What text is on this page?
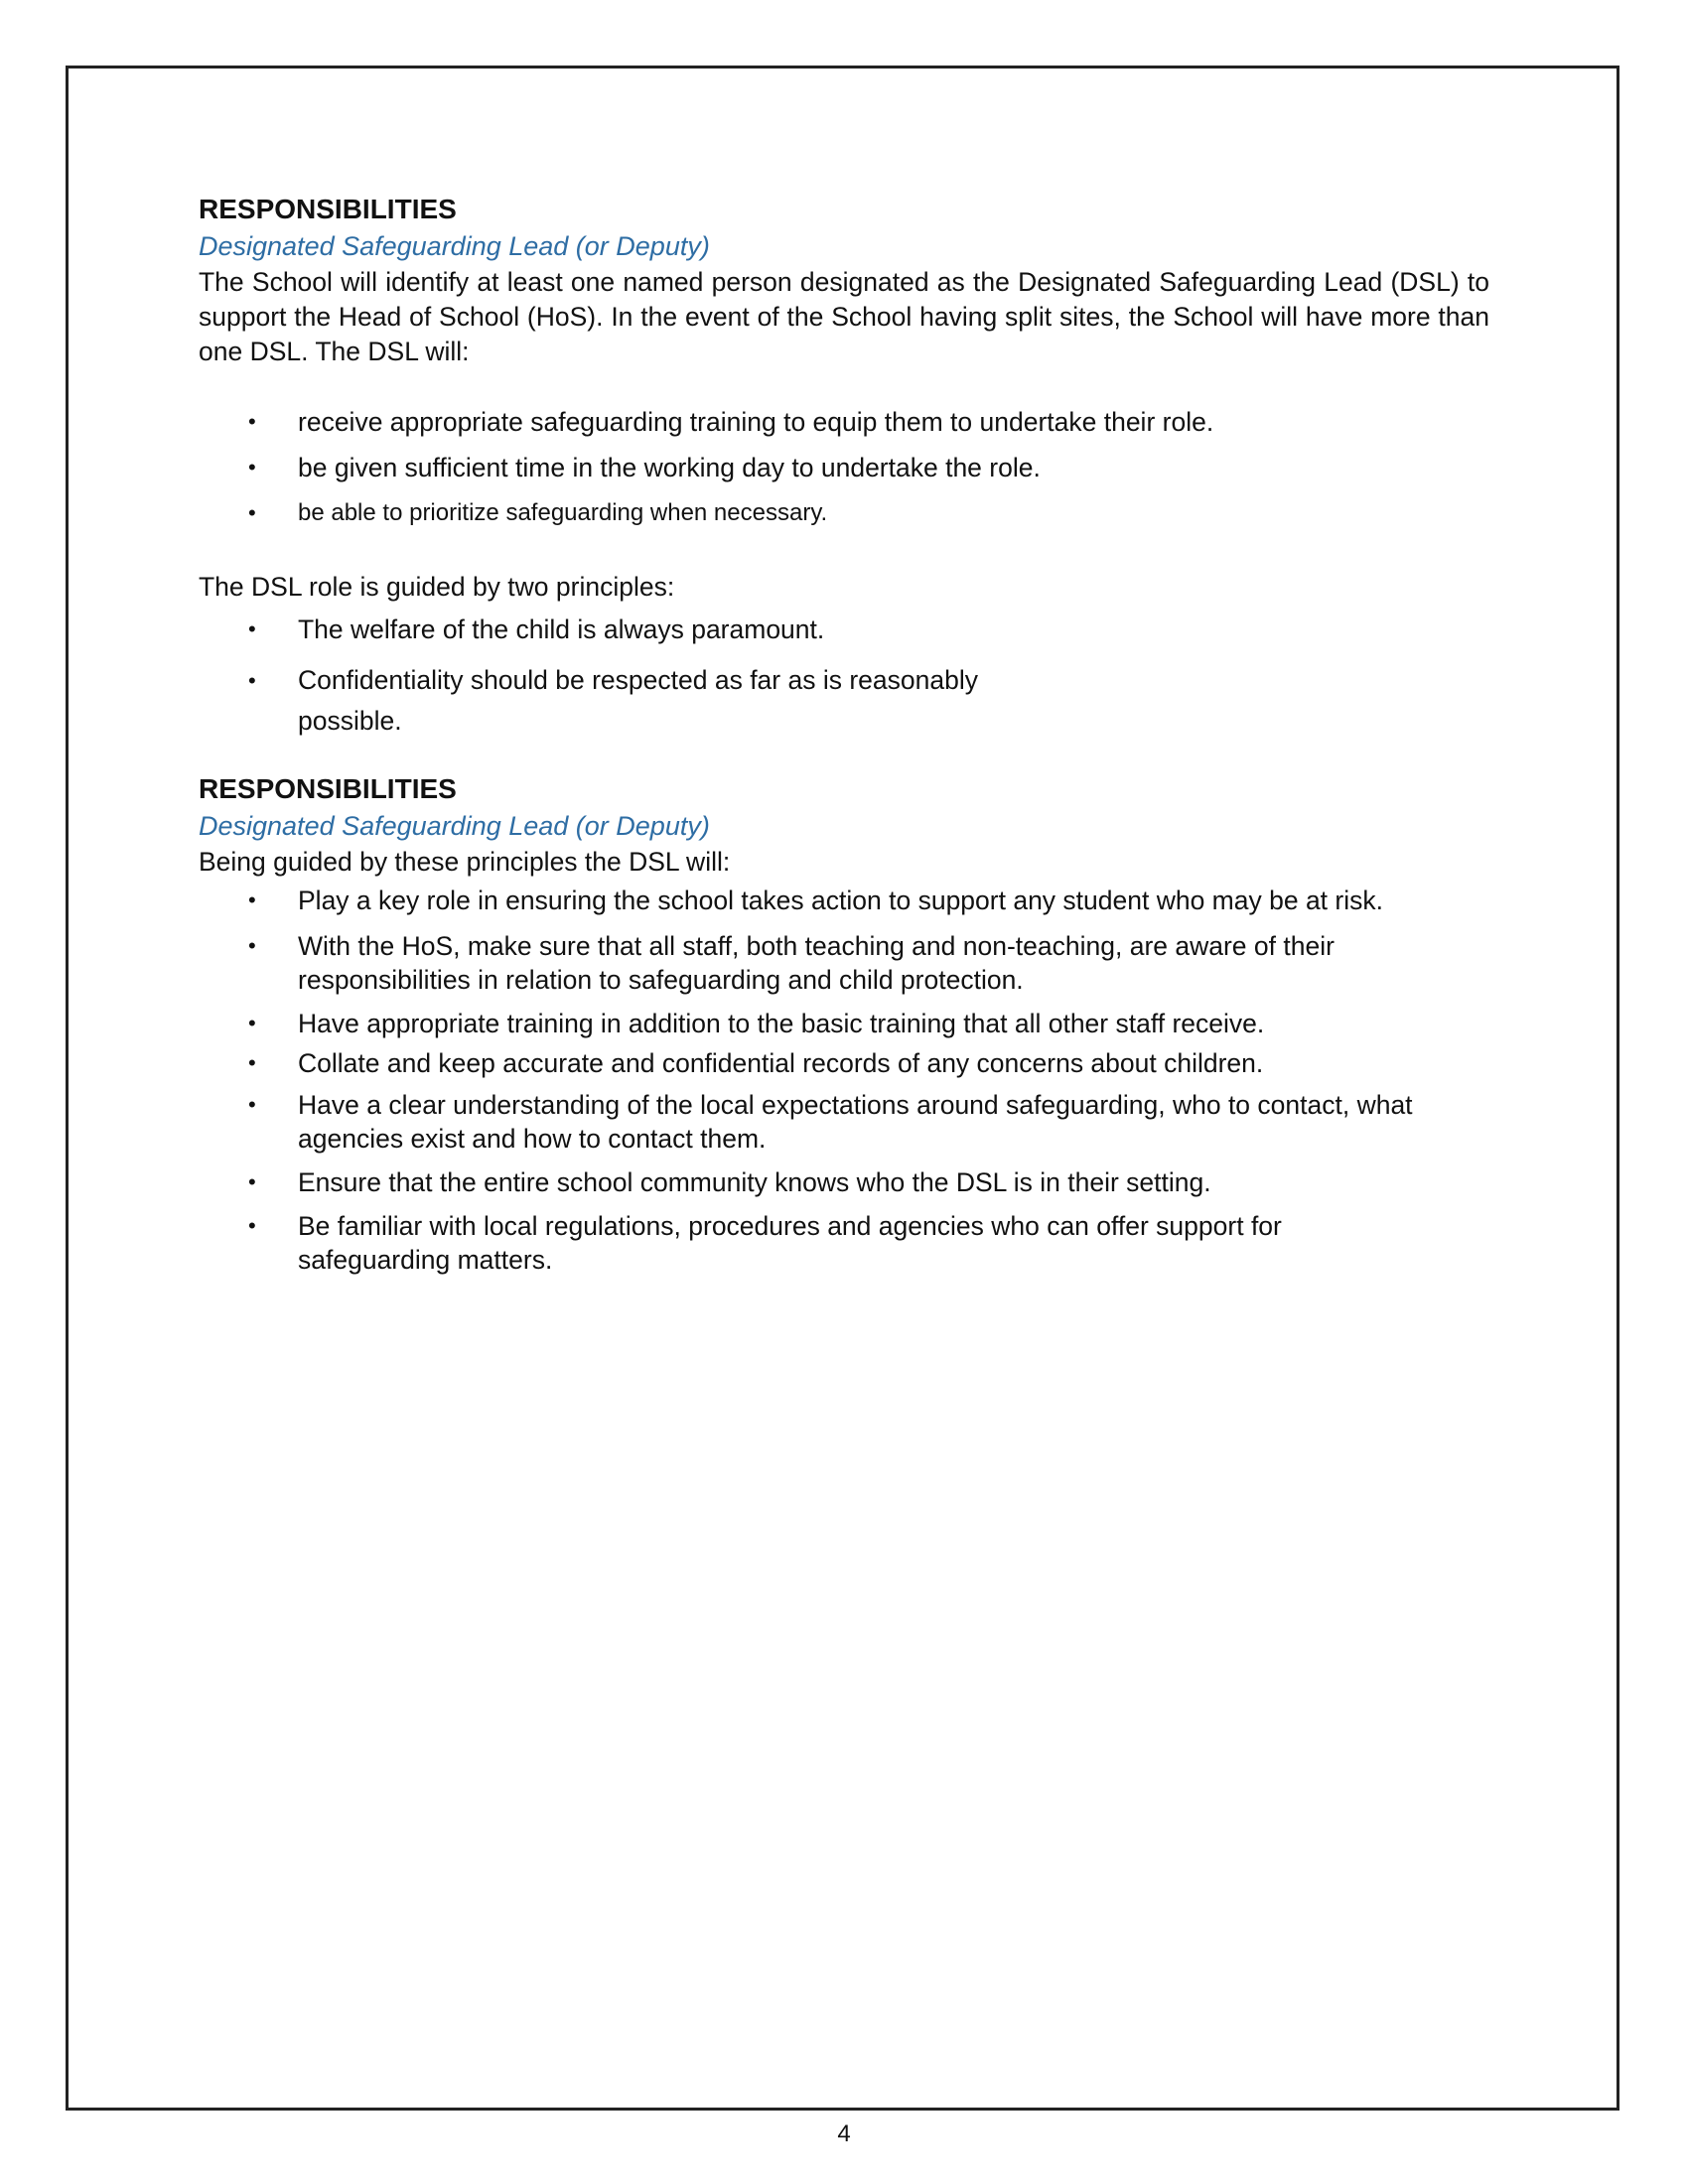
RESPONSIBILITIES

Designated Safeguarding Lead (or Deputy)

The School will identify at least one named person designated as the Designated Safeguarding Lead (DSL) to support the Head of School (HoS). In the event of the School having split sites, the School will have more than one DSL. The DSL will:

• receive appropriate safeguarding training to equip them to undertake their role.
• be given sufficient time in the working day to undertake the role.
• be able to prioritize safeguarding when necessary.

The DSL role is guided by two principles:

• The welfare of the child is always paramount.
• Confidentiality should be respected as far as is reasonably possible.
RESPONSIBILITIES

Designated Safeguarding Lead (or Deputy)

Being guided by these principles the DSL will:

• Play a key role in ensuring the school takes action to support any student who may be at risk.
• With the HoS, make sure that all staff, both teaching and non-teaching, are aware of their responsibilities in relation to safeguarding and child protection.
• Have appropriate training in addition to the basic training that all other staff receive.
• Collate and keep accurate and confidential records of any concerns about children.
• Have a clear understanding of the local expectations around safeguarding, who to contact, what agencies exist and how to contact them.
• Ensure that the entire school community knows who the DSL is in their setting.
• Be familiar with local regulations, procedures and agencies who can offer support for safeguarding matters.
4
